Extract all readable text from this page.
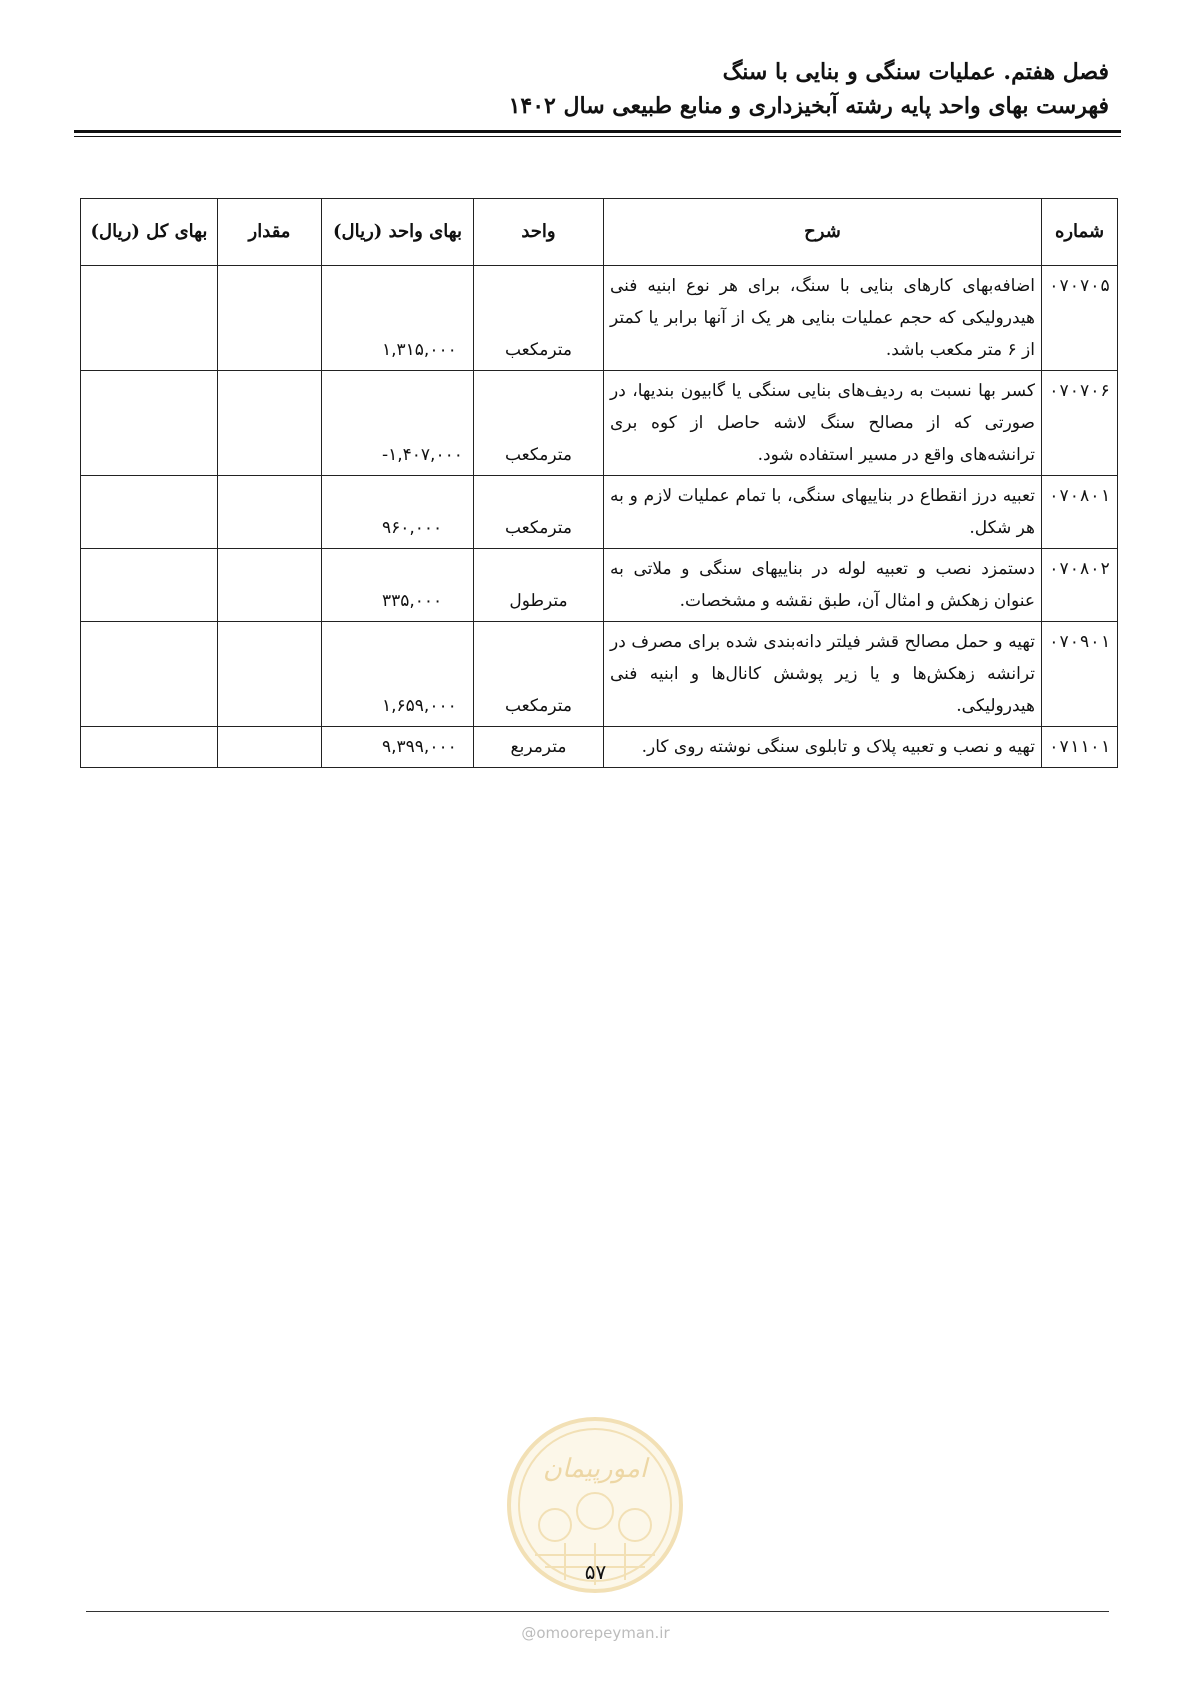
فصل هفتم. عملیات سنگی و بنایی با سنگ
فهرست بهای واحد پایه رشته آبخیزداری و منابع طبیعی سال ۱۴۰۲
شماره	شرح	واحد	بهای واحد (ریال)	مقدار	بهای کل (ریال)
۰۷۰۷۰۵	اضافه‌بهای کارهای بنایی با سنگ، برای هر نوع ابنیه فنی هیدرولیکی که حجم عملیات بنایی هر یک از آنها برابر یا کمتر از ۶ متر مکعب باشد.	مترمکعب	۱,۳۱۵,۰۰۰		
۰۷۰۷۰۶	کسر بها نسبت به ردیف‌های بنایی سنگی یا گابیون بندیها، در صورتی که از مصالح سنگ لاشه حاصل از کوه بری ترانشه‌های واقع در مسیر استفاده شود.	مترمکعب	-۱,۴۰۷,۰۰۰		
۰۷۰۸۰۱	تعبیه درز انقطاع در بناییهای سنگی، با تمام عملیات لازم و به هر شکل.	مترمکعب	۹۶۰,۰۰۰		
۰۷۰۸۰۲	دستمزد نصب و تعبیه لوله در بناییهای سنگی و ملاتی به عنوان زهکش و امثال آن، طبق نقشه و مشخصات.	مترطول	۳۳۵,۰۰۰		
۰۷۰۹۰۱	تهیه و حمل مصالح قشر فیلتر دانه‌بندی شده برای مصرف در ترانشه زهکش‌ها و یا زیر پوشش کانال‌ها و ابنیه فنی هیدرولیکی.	مترمکعب	۱,۶۵۹,۰۰۰		
۰۷۱۱۰۱	تهیه و نصب و تعبیه پلاک و تابلوی سنگی نوشته روی کار.	مترمربع	۹,۳۹۹,۰۰۰		
امورپیمان
۵۷
@omoorepeyman.ir
